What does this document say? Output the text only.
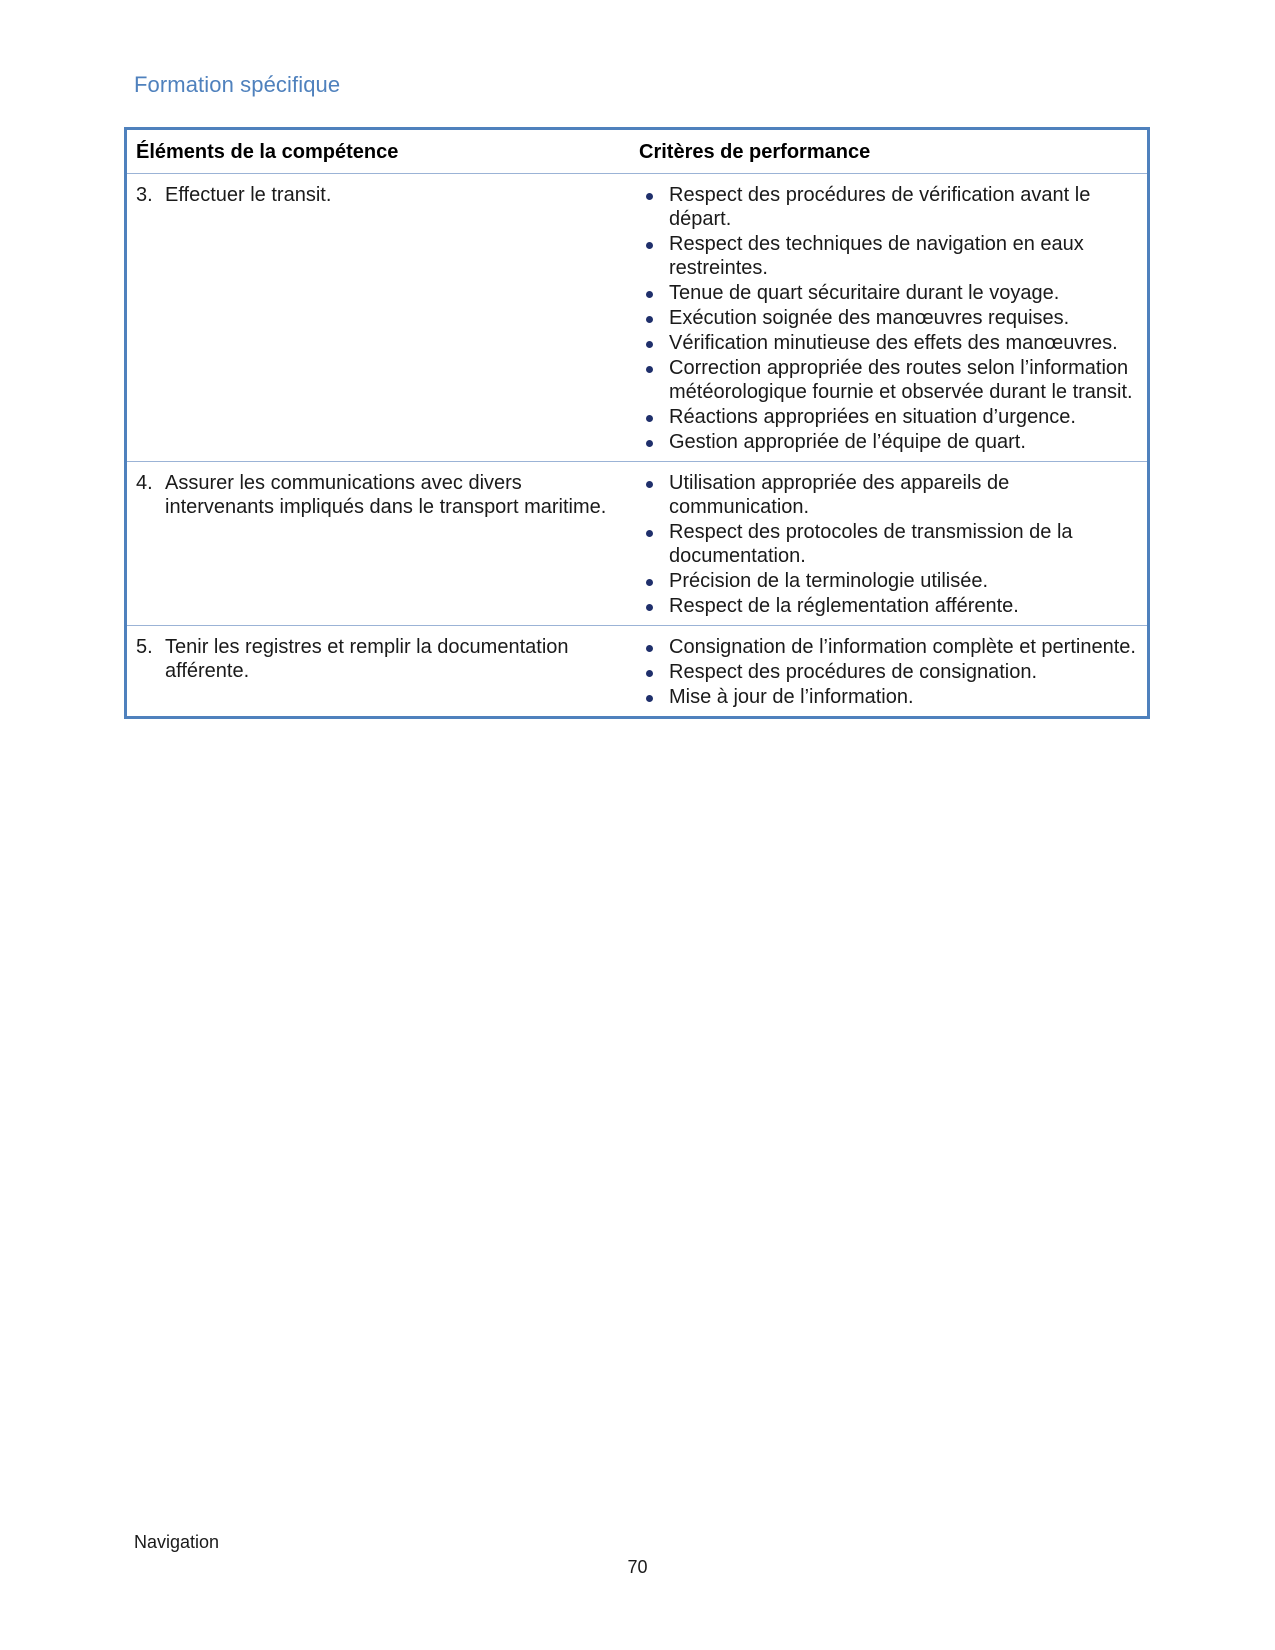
Formation spécifique
Éléments de la compétence	Critères de performance
3. Effectuer le transit.	Respect des procédures de vérification avant le départ.
Respect des techniques de navigation en eaux restreintes.
Tenue de quart sécuritaire durant le voyage.
Exécution soignée des manœuvres requises.
Vérification minutieuse des effets des manœuvres.
Correction appropriée des routes selon l’information météorologique fournie et observée durant le transit.
Réactions appropriées en situation d’urgence.
Gestion appropriée de l’équipe de quart.
4. Assurer les communications avec divers intervenants impliqués dans le transport maritime.
Utilisation appropriée des appareils de communication.
Respect des protocoles de transmission de la documentation.
Précision de la terminologie utilisée.
Respect de la réglementation afférente.
5. Tenir les registres et remplir la documentation afférente.
Consignation de l’information complète et pertinente.
Respect des procédures de consignation.
Mise à jour de l’information.
Navigation
70
